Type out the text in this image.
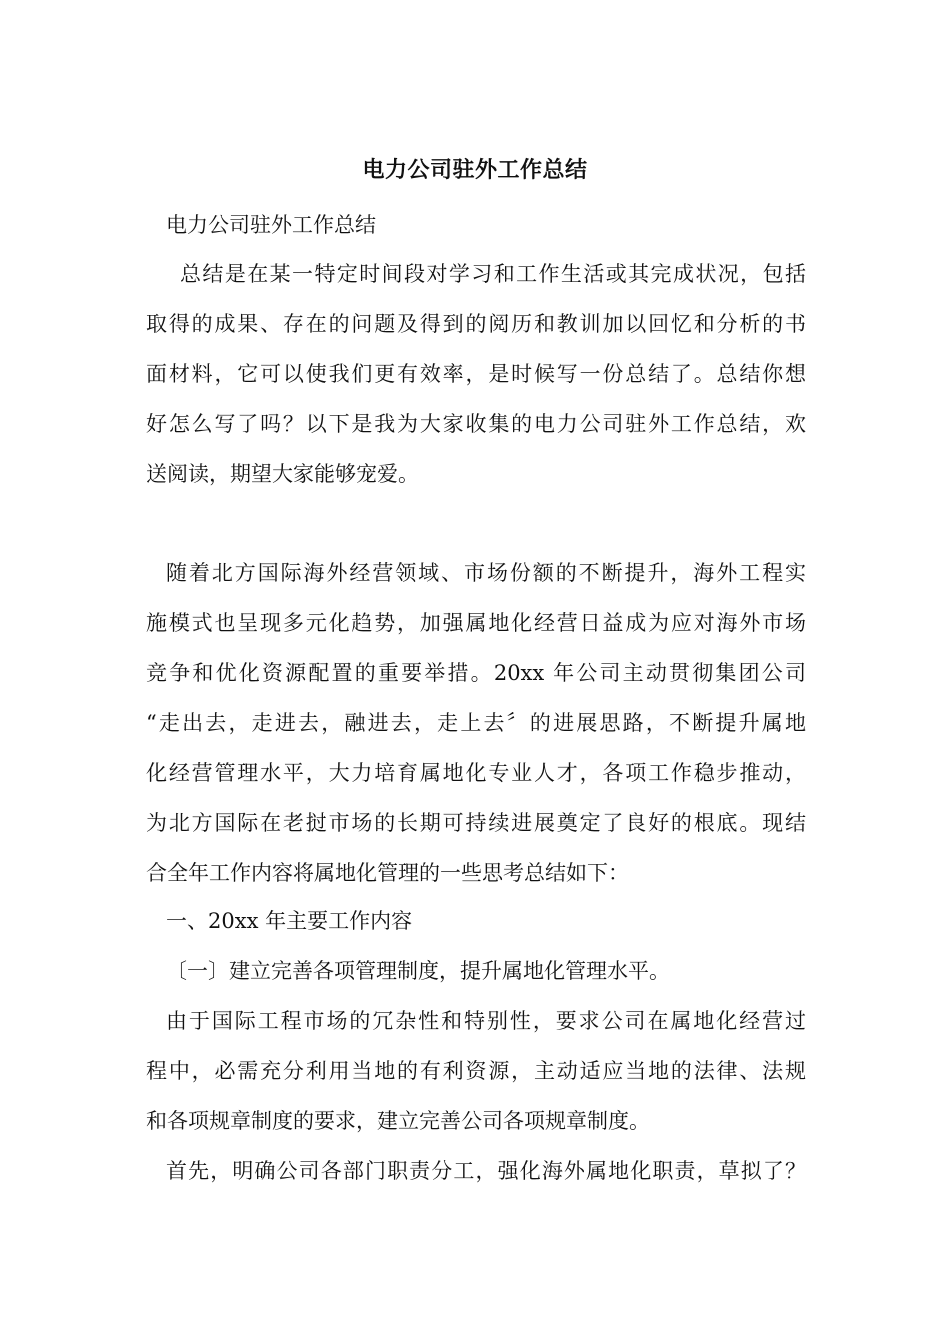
电力公司驻外工作总结
电力公司驻外工作总结
总结是在某一特定时间段对学习和工作生活或其完成状况，包括
取得的成果、存在的问题及得到的阅历和教训加以回忆和分析的书
面材料，它可以使我们更有效率，是时候写一份总结了。总结你想
好怎么写了吗？以下是我为大家收集的电力公司驻外工作总结，欢
送阅读，期望大家能够宠爱。
随着北方国际海外经营领域、市场份额的不断提升，海外工程实
施模式也呈现多元化趋势，加强属地化经营日益成为应对海外市场
竞争和优化资源配置的重要举措。20xx 年公司主动贯彻集团公司
“走出去，走进去，融进去，走上去〞的进展思路，不断提升属地
化经营管理水平，大力培育属地化专业人才，各项工作稳步推动，
为北方国际在老挝市场的长期可持续进展奠定了良好的根底。现结
合全年工作内容将属地化管理的一些思考总结如下：
一、20xx 年主要工作内容
〔一〕建立完善各项管理制度，提升属地化管理水平。
由于国际工程市场的冗杂性和特别性，要求公司在属地化经营过
程中，必需充分利用当地的有利资源，主动适应当地的法律、法规
和各项规章制度的要求，建立完善公司各项规章制度。
首先，明确公司各部门职责分工，强化海外属地化职责，草拟了？
